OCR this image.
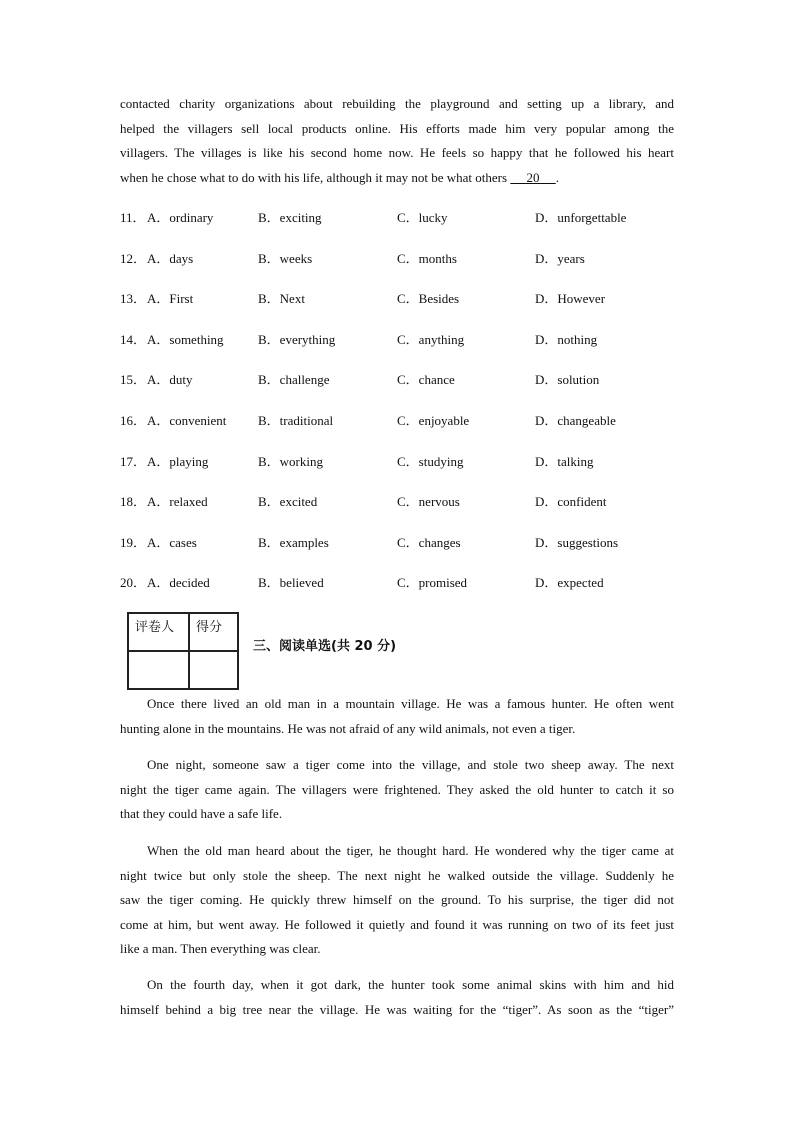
contacted charity organizations about rebuilding the playground and setting up a library, and
helped the villagers sell local products online. His efforts made him very popular among the
villagers. The villages is like his second home now. He feels so happy that he followed his heart
when he chose what to do with his life, although it may not be what others      20     .
11． A．ordinary	B．exciting	C．lucky	D．unforgettable
12． A．days	B．weeks	C．months	D．years
13． A．First	B．Next	C．Besides	D．However
14． A．something	B．everything	C．anything	D．nothing
15． A．duty	B．challenge	C．chance	D．solution
16． A．convenient B．traditional	C．enjoyable	D．changeable
17． A．playing	B．working	C．studying	D．talking
18． A．relaxed	B．excited	C．nervous	D．confident
19． A．cases	B．examples	C．changes	D．suggestions
20． A．decided	B．believed	C．promised	D．expected
评卷人	得分

三、阅读单选(共 20 分)
Once there lived an old man in a mountain village. He was a famous hunter. He often went
hunting alone in the mountains. He was not afraid of any wild animals, not even a tiger.
One night, someone saw a tiger come into the village, and stole two sheep away. The next
night the tiger came again. The villagers were frightened. They asked the old hunter to catch it so
that they could have a safe life.
When the old man heard about the tiger, he thought hard. He wondered why the tiger came at
night twice but only stole the sheep. The next night he walked outside the village. Suddenly he
saw the tiger coming. He quickly threw himself on the ground. To his surprise, the tiger did not
come at him, but went away. He followed it quietly and found it was running on two of its feet just
like a man. Then everything was clear.
On the fourth day, when it got dark, the hunter took some animal skins with him and hid
himself behind a big tree near the village. He was waiting for the “tiger”. As soon as the “tiger”
